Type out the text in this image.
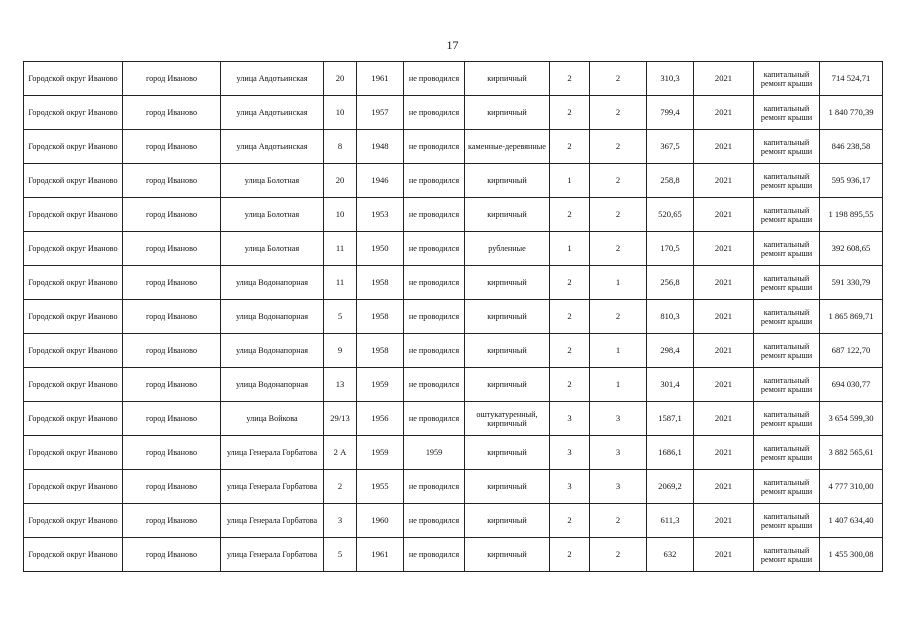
17
Городской округ Иваново	город Иваново	улица Авдотьинская	20	1961	не проводился	кирпичный	2	2	310,3	2021	капитальный ремонт крыши	714 524,71
Городской округ Иваново	город Иваново	улица Авдотьинская	10	1957	не проводился	кирпичный	2	2	799,4	2021	капитальный ремонт крыши	1 840 770,39
Городской округ Иваново	город Иваново	улица Авдотьинская	8	1948	не проводился	каменные-деревянные	2	2	367,5	2021	капитальный ремонт крыши	846 238,58
Городской округ Иваново	город Иваново	улица Болотная	20	1946	не проводился	кирпичный	1	2	258,8	2021	капитальный ремонт крыши	595 936,17
Городской округ Иваново	город Иваново	улица Болотная	10	1953	не проводился	кирпичный	2	2	520,65	2021	капитальный ремонт крыши	1 198 895,55
Городской округ Иваново	город Иваново	улица Болотная	11	1950	не проводился	рубленные	1	2	170,5	2021	капитальный ремонт крыши	392 608,65
Городской округ Иваново	город Иваново	улица Водонапорная	11	1958	не проводился	кирпичный	2	1	256,8	2021	капитальный ремонт крыши	591 330,79
Городской округ Иваново	город Иваново	улица Водонапорная	5	1958	не проводился	кирпичный	2	2	810,3	2021	капитальный ремонт крыши	1 865 869,71
Городской округ Иваново	город Иваново	улица Водонапорная	9	1958	не проводился	кирпичный	2	1	298,4	2021	капитальный ремонт крыши	687 122,70
Городской округ Иваново	город Иваново	улица Водонапорная	13	1959	не проводился	кирпичный	2	1	301,4	2021	капитальный ремонт крыши	694 030,77
Городской округ Иваново	город Иваново	улица Войкова	29/13	1956	не проводился	оштукатуренный, кирпичный	3	3	1587,1	2021	капитальный ремонт крыши	3 654 599,30
Городской округ Иваново	город Иваново	улица Генерала Горбатова	2 А	1959	1959	кирпичный	3	3	1686,1	2021	капитальный ремонт крыши	3 882 565,61
Городской округ Иваново	город Иваново	улица Генерала Горбатова	2	1955	не проводился	кирпичный	3	3	2069,2	2021	капитальный ремонт крыши	4 777 310,00
Городской округ Иваново	город Иваново	улица Генерала Горбатова	3	1960	не проводился	кирпичный	2	2	611,3	2021	капитальный ремонт крыши	1 407 634,40
Городской округ Иваново	город Иваново	улица Генерала Горбатова	5	1961	не проводился	кирпичный	2	2	632	2021	капитальный ремонт крыши	1 455 300,08
